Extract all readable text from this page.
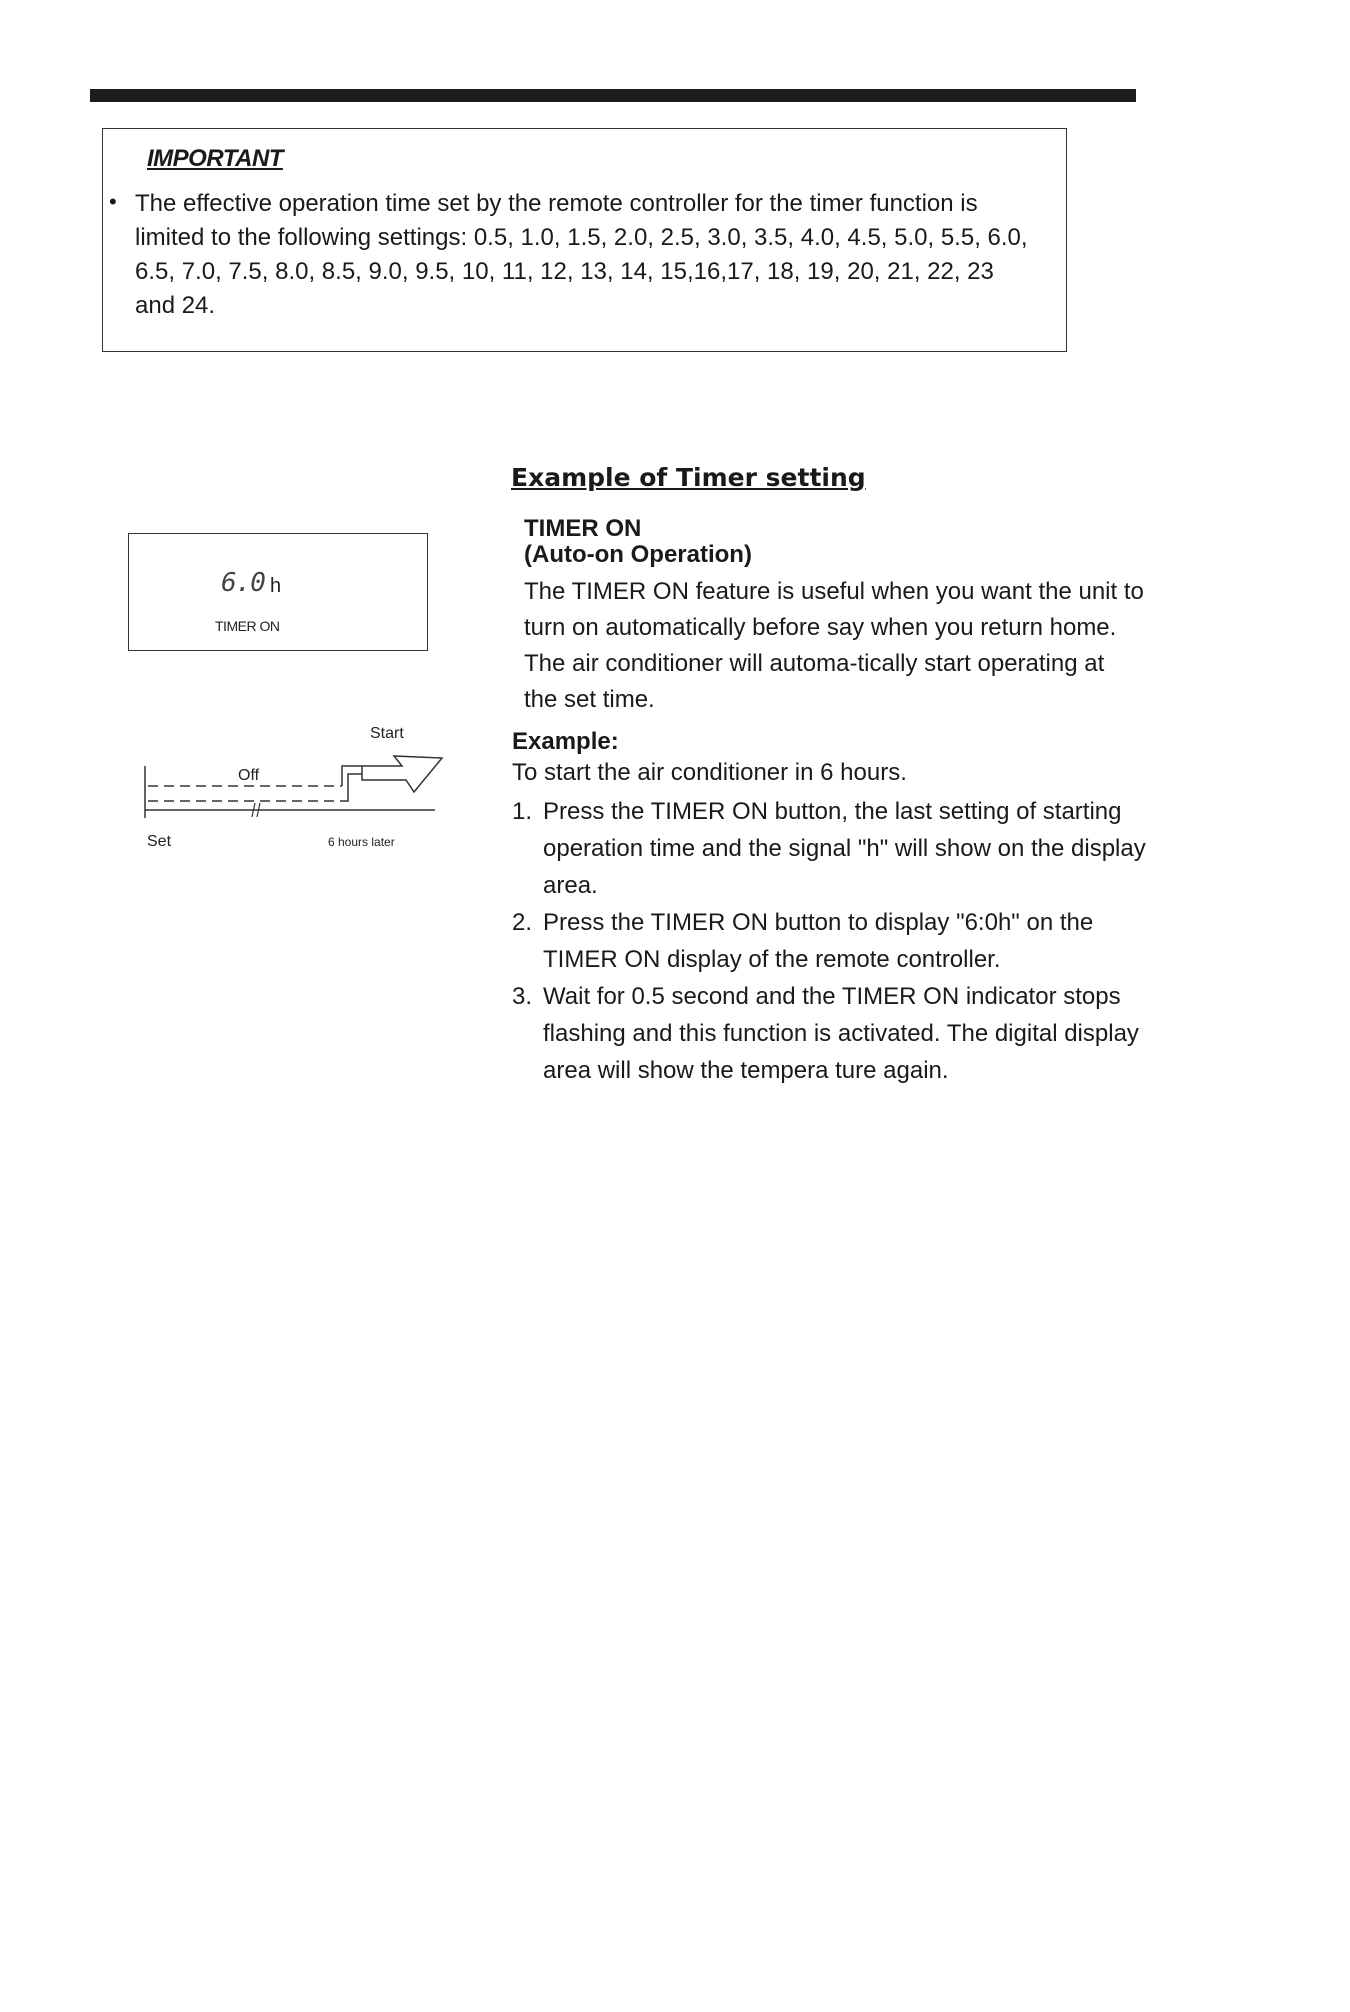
IMPORTANT
• The effective operation time set by the remote controller for the timer function is limited to the following settings: 0.5, 1.0, 1.5, 2.0, 2.5, 3.0, 3.5, 4.0, 4.5, 5.0, 5.5, 6.0, 6.5, 7.0, 7.5, 8.0, 8.5, 9.0, 9.5, 10, 11, 12, 13, 14, 15,16,17, 18, 19, 20, 21, 22, 23 and 24.
6.0 h
TIMER ON
Start
Off
Set	6 hours later
Example of Timer setting
TIMER ON
(Auto-on Operation)
The TIMER ON feature is useful when you want the unit to turn on automatically before say when you return home. The air conditioner will automa-tically start operating at the set time.
Example:
To start the air conditioner in 6 hours.
1. Press the TIMER ON button, the last setting of starting operation time and the signal "h" will show on the display area.
2. Press the TIMER ON button to display "6:0h" on the TIMER ON display of the remote controller.
3. Wait for 0.5 second and the TIMER ON indicator stops flashing and this function is activated. The digital display area will show the tempera ture again.
